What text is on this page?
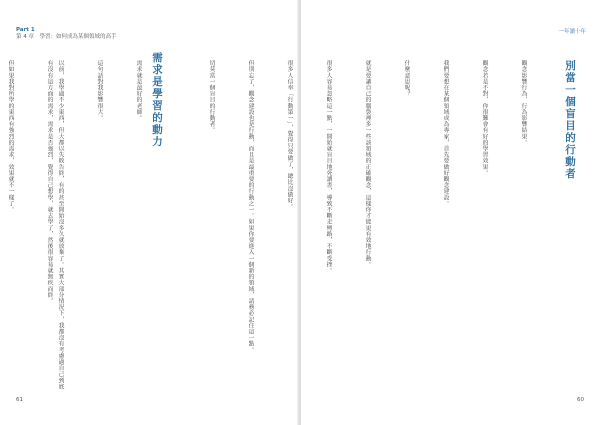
Part 1
第 4 章　學習：如何成為某個領域的高手
需求是學習的動力

需求就是最好的老師。

這句話對我影響很大。

以前，我學過不少東西，但大都以失敗告終，有的甚至開始沒多久就放棄了。其實大部分情況下，我都沒有考慮過自己到底有沒有這方面的需求，需求是否強烈，覺得自己想學，就去學了，然後很容易就無疾而終。

但如果我對所學的東西有強烈的需求，效果就不一樣了。

61
一年讀十年
別當一個盲目的行動者

觀念影響行為，行為影響結果。

觀念若是不對，你很難會有好的學習效果。

我們要想在某個領域成為專家，首先要做好觀念建設。

什麼意思呢？

就是要讓自己的腦袋裡多一些該領域的正確觀念，這樣你才能更有效地行動。

很多人容易忽略這一點，一開始就盲目地死讀書，導致不斷走彎路，不斷受挫。

很多人信奉「行動第一」，覺得只要做了，總比沒做好。

但別忘了，觀念建設也是行動，而且是最重要的行動之一。如果你要進入一個新的領域，請務必記住這一點。

切莫當一個盲目的行動者。

60
